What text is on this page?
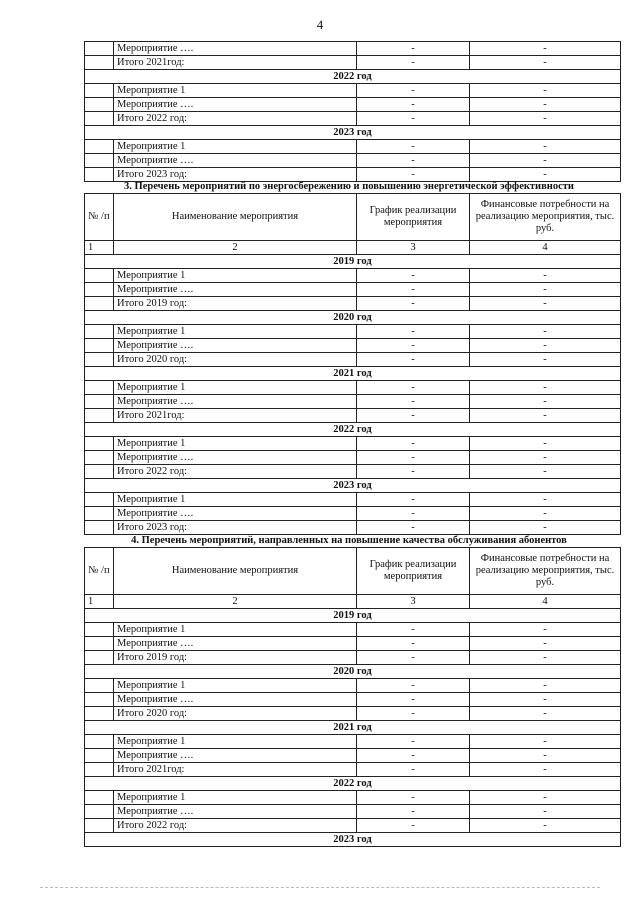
4
	Мероприятие ….	-	-
	Итого 2021год:	-	-
2022 год			
	Мероприятие 1	-	-
	Мероприятие ….	-	-
	Итого 2022 год:	-	-
2023 год			
	Мероприятие 1	-	-
	Мероприятие ….	-	-
	Итого 2023 год:	-	-
3. Перечень мероприятий по энергосбережению и повышению энергетической эффективности
№ /п	Наименование мероприятия	График реализации мероприятия	Финансовые потребности на реализацию мероприятия, тыс. руб.
1	2	3	4
2019 год			
	Мероприятие 1	-	-
	Мероприятие ….	-	-
	Итого 2019 год:	-	-
2020 год			
	Мероприятие 1	-	-
	Мероприятие ….	-	-
	Итого 2020 год:	-	-
2021 год			
	Мероприятие 1	-	-
	Мероприятие ….	-	-
	Итого 2021год:	-	-
2022 год			
	Мероприятие 1	-	-
	Мероприятие ….	-	-
	Итого 2022 год:	-	-
2023 год			
	Мероприятие 1	-	-
	Мероприятие ….	-	-
	Итого 2023 год:	-	-
4. Перечень мероприятий, направленных на повышение качества обслуживания абонентов
№ /п	Наименование мероприятия	График реализации мероприятия	Финансовые потребности на реализацию мероприятия, тыс. руб.
1	2	3	4
2019 год			
	Мероприятие 1	-	-
	Мероприятие ….	-	-
	Итого 2019 год:	-	-
2020 год			
	Мероприятие 1	-	-
	Мероприятие ….	-	-
	Итого 2020 год:	-	-
2021 год			
	Мероприятие 1	-	-
	Мероприятие ….	-	-
	Итого 2021год:	-	-
2022 год			
	Мероприятие 1	-	-
	Мероприятие ….	-	-
	Итого 2022 год:	-	-
2023 год			
